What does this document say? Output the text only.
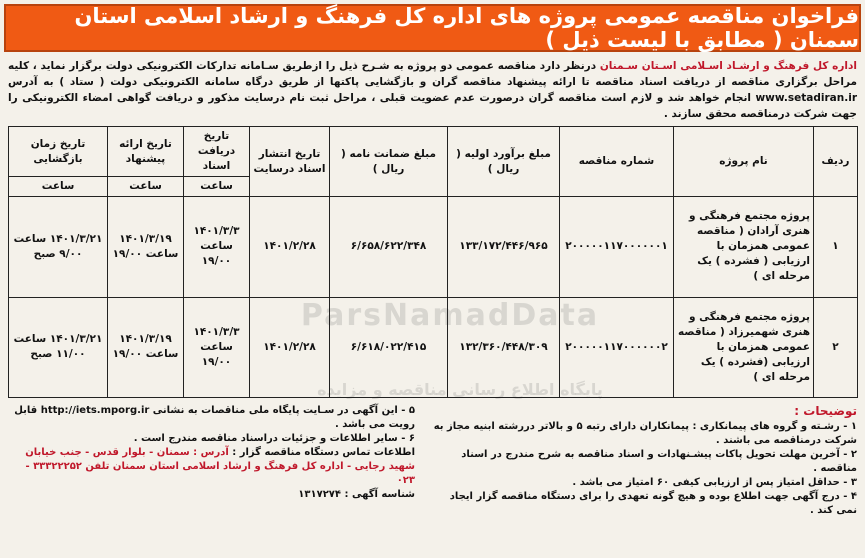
فراخوان مناقصه عمومی پروژه های اداره کل فرهنگ و ارشاد اسلامی استان سمنان ( مطابق با لیست ذیل )
اداره کل فرهنگ و ارشـاد اسـلامی اسـتان سـمنان درنظر دارد مناقصه عمومی دو پروژه به شـرح ذیل را ازطریق سـامانه تدارکات الکترونیکی دولت برگزار نماید ، کلیه مراحل برگزاری مناقصه از دریافت اسناد مناقصه تا ارائه پیشنهاد مناقصه گران و بازگشایی پاکتها از طریق درگاه سامانه الکترونیکی دولت ( ستاد ) به آدرس www.setadiran.ir انجام خواهد شد و لازم است مناقصه گران درصورت عدم عضویت قبلی ، مراحل ثبت نام درسایت مذکور و دریافت گواهی امضاء الکترونیکی را جهت شرکت درمناقصه محقق سازند .
ParsNamadData
پایگاه اطلاع رسانی مناقصه و مزایده
ردیف	نام پروژه	شماره مناقصه	مبلغ برآورد اولیه ( ریال )	مبلغ ضمانت نامه ( ریال )	تاریخ انتشار اسناد درسایت	تاریخ دریافت اسناد	تاریخ ارائه پیشنهاد	تاریخ زمان بازگشایی
						ساعت	ساعت	ساعت
۱	پروژه مجتمع فرهنگی و هنری آرادان ( مناقصه عمومی همزمان با ارزیابی ( فشرده ) یک مرحله ای )	۲۰۰۰۰۰۱۱۷۰۰۰۰۰۰۱	۱۳۳/۱۷۲/۴۴۶/۹۶۵	۶/۶۵۸/۶۲۲/۳۴۸	۱۴۰۱/۲/۲۸	۱۴۰۱/۳/۳ ساعت ۱۹/۰۰	۱۴۰۱/۳/۱۹ ساعت ۱۹/۰۰	۱۴۰۱/۳/۲۱ ساعت ۹/۰۰ صبح
۲	پروژه مجتمع فرهنگی و هنری شهمیرزاد ( مناقصه عمومی همزمان با ارزیابی (فشرده ) یک مرحله ای )	۲۰۰۰۰۰۱۱۷۰۰۰۰۰۰۲	۱۳۲/۳۶۰/۴۴۸/۳۰۹	۶/۶۱۸/۰۲۲/۴۱۵	۱۴۰۱/۲/۲۸	۱۴۰۱/۳/۳ ساعت ۱۹/۰۰	۱۴۰۱/۳/۱۹ ساعت ۱۹/۰۰	۱۴۰۱/۳/۲۱ ساعت ۱۱/۰۰ صبح
توضیحات :
۱ - رشـته و گروه های پیمانکاری : پیمانکاران دارای رتبه ۵ و بالاتر دررشته ابنیه مجاز به شرکت درمناقصه می باشند .
۲ - آخرین مهلت تحویل پاکات پیشـنهادات و اسناد مناقصه به شرح مندرج در اسناد مناقصه .
۳ - حداقل امتیاز پس از ارزیابی کیفی ۶۰ امتیاز می باشد .
۴ - درج آگهی جهت اطلاع بوده و هیچ گونه تعهدی را برای دستگاه مناقصه گزار ایجاد نمی کند .
۵ - این آگهی در سـایت پایگاه ملی مناقصات به نشانی http://iets.mporg.ir قابل رویت می باشد .
۶ - سایر اطلاعات و جزئیات دراسناد مناقصه مندرج است .
اطلاعات تماس دستگاه مناقصه گزار : آدرس : سمنان - بلوار قدس - جنب خیابان شهید رجایی - اداره کل فرهنگ و ارشاد اسلامی استان سمنان تلفن ۳۳۳۲۲۲۵۲ - ۰۲۳
شناسه آگهی : ۱۳۱۷۲۷۴
